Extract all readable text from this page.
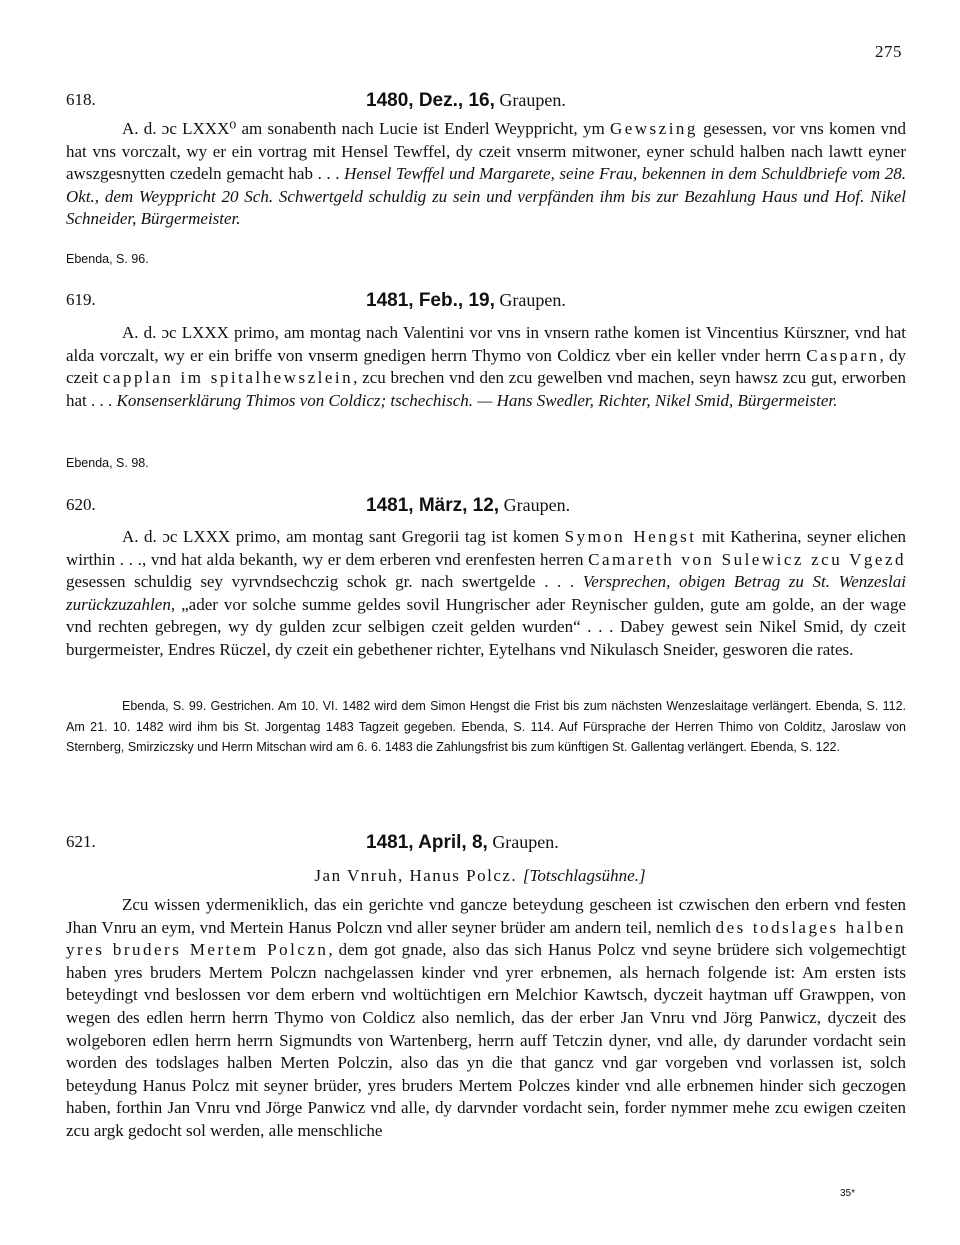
275
618.	1480, Dez., 16, Graupen.

A. d. ɔc LXXX⁰ am sonabenth nach Lucie ist Enderl Weyppricht, ym Gewszing gesessen, vor vns komen vnd hat vns vorczalt, wy er ein vortrag mit Hensel Tewffel, dy czeit vnserm mitwoner, eyner schuld halben nach lawtt eyner awszgesnytten czedeln gemacht hab . . . Hensel Tewffel und Margarete, seine Frau, bekennen in dem Schuldbriefe vom 28. Okt., dem Weyppricht 20 Sch. Schwertgeld schuldig zu sein und verpfänden ihm bis zur Bezahlung Haus und Hof. Nikel Schneider, Bürgermeister.

Ebenda, S. 96.
619.	1481, Feb., 19, Graupen.

A. d. ɔc LXXX primo, am montag nach Valentini vor vns in vnsern rathe komen ist Vincentius Kürszner, vnd hat alda vorczalt, wy er ein briffe von vnserm gnedigen herrn Thymo von Coldicz vber ein keller vnder herrn Casparn, dy czeit capplan im spitalhewszlein, zcu brechen vnd den zcu gewelben vnd machen, seyn hawsz zcu gut, erworben hat . . . Konsenserklärung Thimos von Coldicz; tschechisch. — Hans Swedler, Richter, Nikel Smid, Bürgermeister.

Ebenda, S. 98.
620.	1481, März, 12, Graupen.

A. d. ɔc LXXX primo, am montag sant Gregorii tag ist komen Symon Hengst mit Katherina, seyner elichen wirthin . . ., vnd hat alda bekanth, wy er dem erberen vnd erenfesten herren Camareth von Sulewicz zcu Vgezd gesessen schuldig sey vyrvndsechczig schok gr. nach swertgelde . . . Versprechen, obigen Betrag zu St. Wenzeslai zurückzuzahlen, „ader vor solche summe geldes sovil Hungrischer ader Reynischer gulden, gute am golde, an der wage vnd rechten gebregen, wy dy gulden zcur selbigen czeit gelden wurden“ . . . Dabey gewest sein Nikel Smid, dy czeit burgermeister, Endres Rüczel, dy czeit ein gebethener richter, Eytelhans vnd Nikulasch Sneider, gesworen die rates.

Ebenda, S. 99. Gestrichen. Am 10. VI. 1482 wird dem Simon Hengst die Frist bis zum nächsten Wenzeslaitage verlängert. Ebenda, S. 112. Am 21. 10. 1482 wird ihm bis St. Jorgentag 1483 Tagzeit gegeben. Ebenda, S. 114. Auf Fürsprache der Herren Thimo von Colditz, Jaroslaw von Sternberg, Smirziczsky und Herrn Mitschan wird am 6. 6. 1483 die Zahlungsfrist bis zum künftigen St. Gallentag verlängert. Ebenda, S. 122.
621.	1481, April, 8, Graupen.
Jan Vnruh, Hanus Polcz. [Totschlagsühne.]

Zcu wissen ydermeniklich, das ein gerichte vnd gancze beteydung gescheen ist czwischen den erbern vnd festen Jhan Vnru an eym, vnd Mertein Hanus Polczn vnd aller seyner brüder am andern teil, nemlich des todslages halben yres bruders Mertem Polczn, dem got gnade, also das sich Hanus Polcz vnd seyne brüdere sich volgemechtigt haben yres bruders Mertem Polczn nachgelassen kinder vnd yrer erbnemen, als hernach folgende ist: Am ersten ists beteydingt vnd beslossen vor dem erbern vnd woltüchtigen ern Melchior Kawtsch, dyczeit haytman uff Grawppen, von wegen des edlen herrn herrn Thymo von Coldicz also nemlich, das der erber Jan Vnru vnd Jörg Panwicz, dyczeit des wolgeboren edlen herrn herrn Sigmundts von Wartenberg, herrn auff Tetczin dyner, vnd alle, dy darunder vordacht sein worden des todslages halben Merten Polczin, also das yn die that gancz vnd gar vorgeben vnd vorlassen ist, solch beteydung Hanus Polcz mit seyner brüder, yres bruders Mertem Polczes kinder vnd alle erbnemen hinder sich geczogen haben, forthin Jan Vnru vnd Jörge Panwicz vnd alle, dy darvnder vordacht sein, forder nymmer mehe zcu ewigen czeiten zcu argk gedocht sol werden, alle menschliche

35*
